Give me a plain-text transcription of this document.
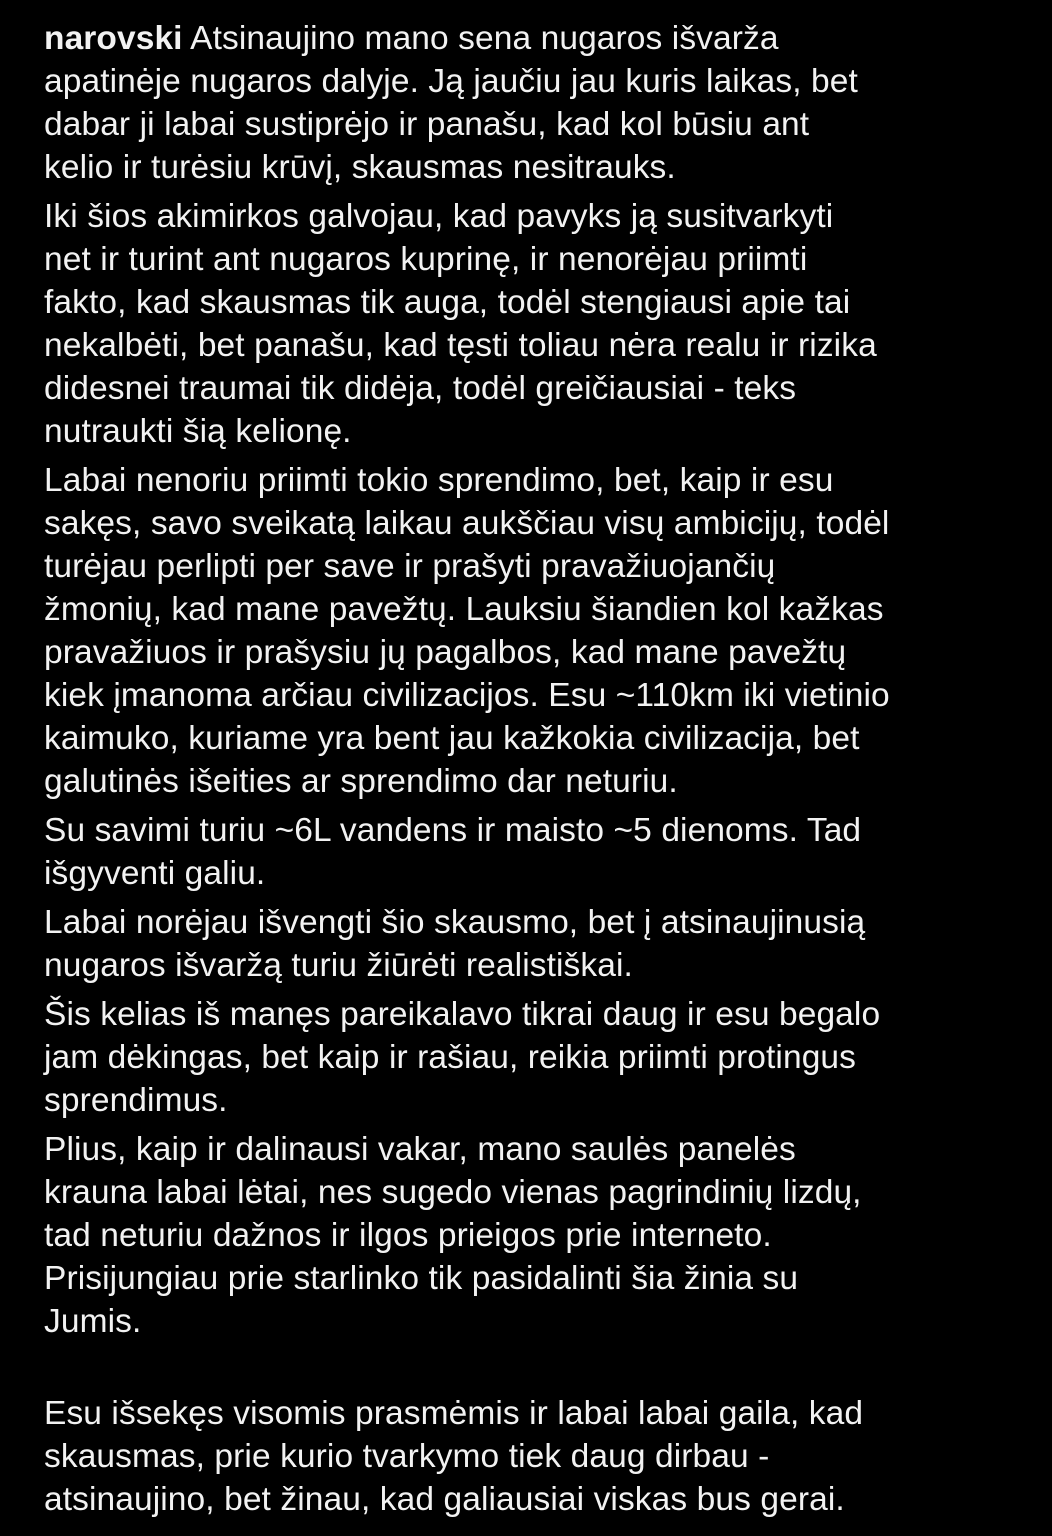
narovski Atsinaujino mano sena nugaros išvarža
apatinėje nugaros dalyje. Ją jaučiu jau kuris laikas, bet
dabar ji labai sustiprėjo ir panašu, kad kol būsiu ant
kelio ir turėsiu krūvį, skausmas nesitrauks.

Iki šios akimirkos galvojau, kad pavyks ją susitvarkyti
net ir turint ant nugaros kuprinę, ir nenorėjau priimti
fakto, kad skausmas tik auga, todėl stengiausi apie tai
nekalbėti, bet panašu, kad tęsti toliau nėra realu ir rizika
didesnei traumai tik didėja, todėl greičiausiai - teks
nutraukti šią kelionę.

Labai nenoriu priimti tokio sprendimo, bet, kaip ir esu
sakęs, savo sveikatą laikau aukščiau visų ambicijų, todėl
turėjau perlipti per save ir prašyti pravažiuojančių
žmonių, kad mane pavežtų. Lauksiu šiandien kol kažkas
pravažiuos ir prašysiu jų pagalbos, kad mane pavežtų
kiek įmanoma arčiau civilizacijos. Esu ~110km iki vietinio
kaimuko, kuriame yra bent jau kažkokia civilizacija, bet
galutinės išeities ar sprendimo dar neturiu.

Su savimi turiu ~6L vandens ir maisto ~5 dienoms. Tad
išgyventi galiu.

Labai norėjau išvengti šio skausmo, bet į atsinaujinusią
nugaros išvaržą turiu žiūrėti realistiškai.

Šis kelias iš manęs pareikalavo tikrai daug ir esu begalo
jam dėkingas, bet kaip ir rašiau, reikia priimti protingus
sprendimus.

Plius, kaip ir dalinausi vakar, mano saulės panelės
krauna labai lėtai, nes sugedo vienas pagrindinių lizdų,
tad neturiu dažnos ir ilgos prieigos prie interneto.
Prisijungiau prie starlinko tik pasidalinti šia žinia su
Jumis.

Esu išsekęs visomis prasmėmis ir labai labai gaila, kad
skausmas, prie kurio tvarkymo tiek daug dirbau -
atsinaujino, bet žinau, kad galiausiai viskas bus gerai.
